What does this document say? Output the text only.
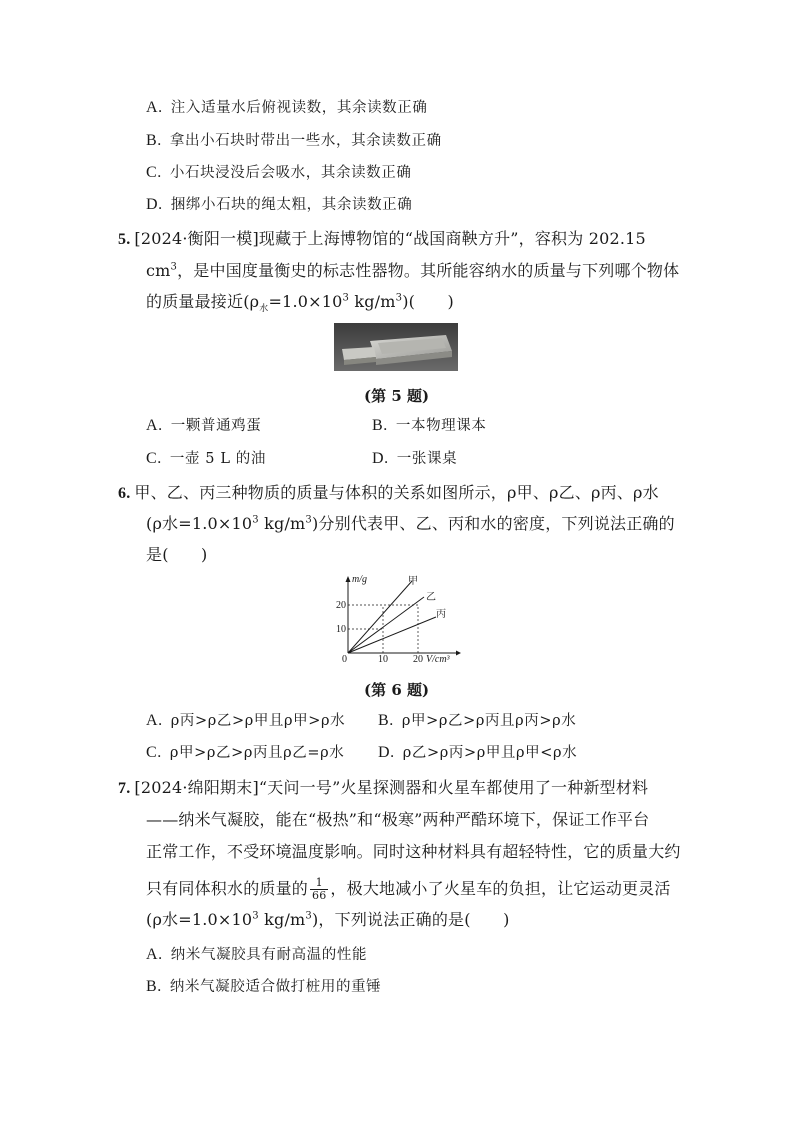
A. 注入适量水后俯视读数，其余读数正确
B. 拿出小石块时带出一些水，其余读数正确
C. 小石块浸没后会吸水，其余读数正确
D. 捆绑小石块的绳太粗，其余读数正确
5. [2024·衡阳一模]现藏于上海博物馆的“战国商鞅方升”，容积为 202.15
$cm^3$，是中国度量衡史的标志性器物。其所能容纳水的质量与下列哪个物体
的质量最接近($\rho_水=1.0\times 10^3$ $kg/m^3$)(　　)
(第 5 题)
A. 一颗普通鸡蛋	B. 一本物理课本
C. 一壶 5 L 的油	D. 一张课桌
6. 甲、乙、丙三种物质的质量与体积的关系如图所示，ρ甲、ρ乙、ρ丙、ρ水
(ρ水$=1.0\times 10^3$ $kg/m^3$)分别代表甲、乙、丙和水的密度，下列说法正确的
是(　　)
m/g
V/cm³
0
10
20
10	20
甲
乙
丙
(第 6 题)
A. ρ丙>ρ乙>ρ甲且ρ甲>ρ水 B. ρ甲>ρ乙>ρ丙且ρ丙>ρ水
C. ρ甲>ρ乙>ρ丙且ρ乙=ρ水 D. ρ乙>ρ丙>ρ甲且ρ甲<ρ水
7. [2024·绵阳期末]“天问一号”火星探测器和火星车都使用了一种新型材料
——纳米气凝胶，能在“极热”和“极寒”两种严酷环境下，保证工作平台
正常工作，不受环境温度影响。同时这种材料具有超轻特性，它的质量大约
只有同体积水的质量的 $\frac{1}{66}$ ，极大地减小了火星车的负担，让它运动更灵活
(ρ水$=1.0\times 10^3$ $kg/m^3$)，下列说法正确的是(　　)
A. 纳米气凝胶具有耐高温的性能
B. 纳米气凝胶适合做打桩用的重锤
